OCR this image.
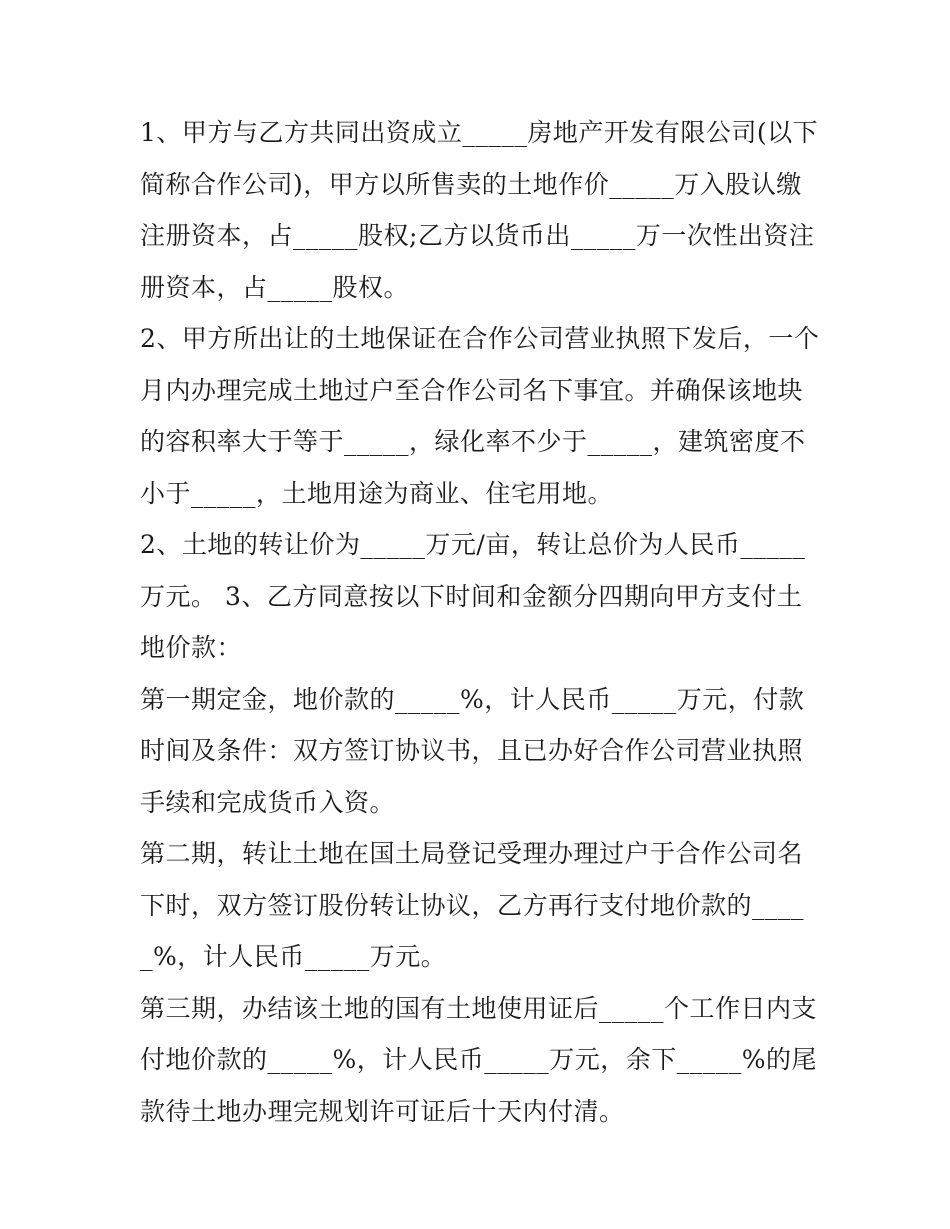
1、甲方与乙方共同出资成立_____房地产开发有限公司(以下简称合作公司)，甲方以所售卖的土地作价_____万入股认缴注册资本，占_____股权;乙方以货币出_____万一次性出资注册资本，占_____股权。

2、甲方所出让的土地保证在合作公司营业执照下发后，一个月内办理完成土地过户至合作公司名下事宜。并确保该地块的容积率大于等于_____，绿化率不少于_____，建筑密度不小于_____，土地用途为商业、住宅用地。

2、土地的转让价为_____万元/亩，转让总价为人民币_____万元。 3、乙方同意按以下时间和金额分四期向甲方支付土地价款：

第一期定金，地价款的_____%，计人民币_____万元，付款时间及条件：双方签订协议书，且已办好合作公司营业执照手续和完成货币入资。

第二期，转让土地在国土局登记受理办理过户于合作公司名下时，双方签订股份转让协议，乙方再行支付地价款的_____%，计人民币_____万元。

第三期，办结该土地的国有土地使用证后_____个工作日内支付地价款的_____%，计人民币_____万元，余下_____%的尾款待土地办理完规划许可证后十天内付清。
